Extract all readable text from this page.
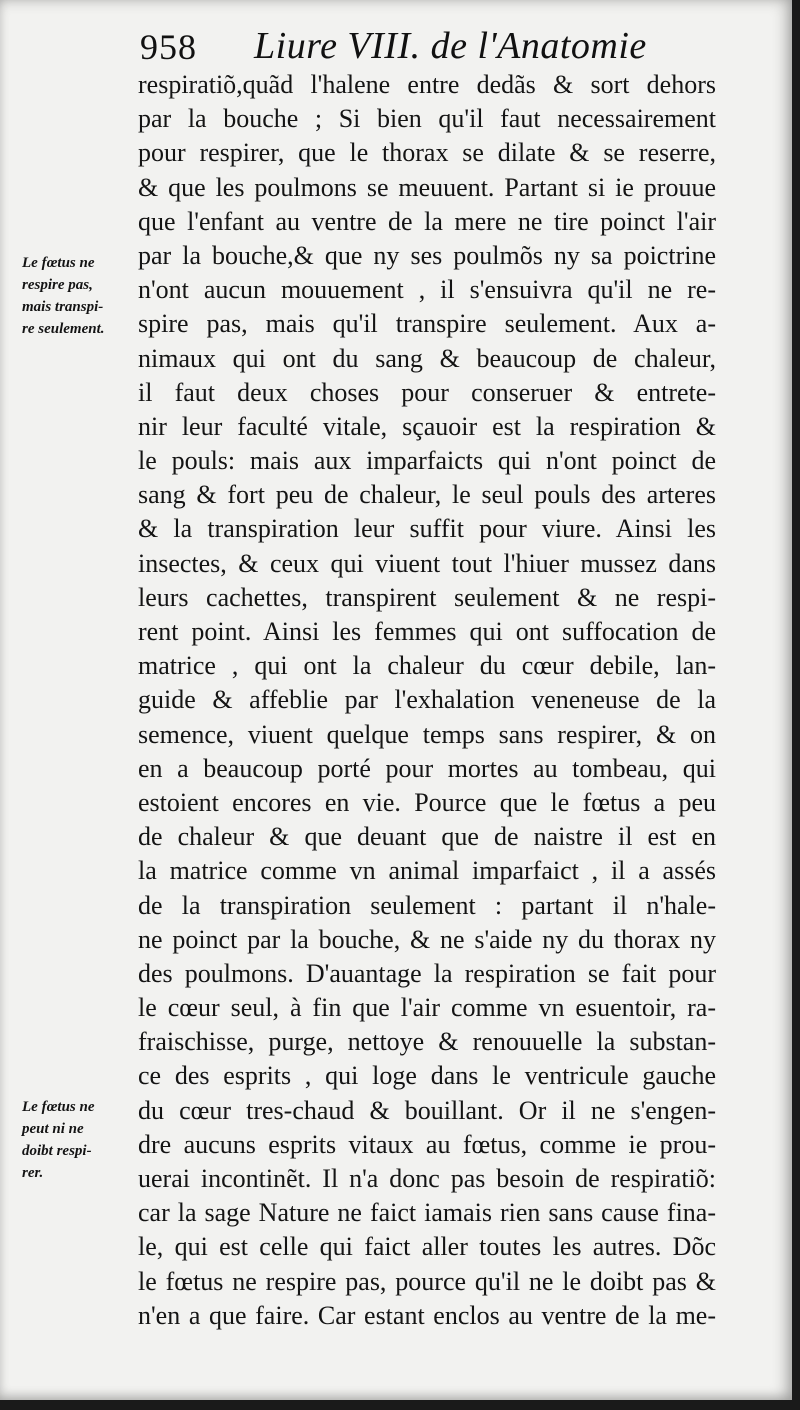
958 Liure VIII. de l'Anatomie
Le fœtus ne
respire pas,
mais transpi-
re seulement.
Le fœtus ne
peut ni ne
doibt respi-
rer.
respiratiõ,quãd l'halene entre dedãs & sort dehors
par la bouche ; Si bien qu'il faut necessairement
pour respirer, que le thorax se dilate & se reserre,
& que les poulmons se meuuent. Partant si ie prouue
que l'enfant au ventre de la mere ne tire poinct l'air
par la bouche,& que ny ses poulmõs ny sa poictrine
n'ont aucun mouuement , il s'ensuivra qu'il ne re-
spire pas, mais qu'il transpire seulement. Aux a-
nimaux qui ont du sang & beaucoup de chaleur,
il faut deux choses pour conseruer & entrete-
nir leur faculté vitale, sçauoir est la respiration &
le pouls: mais aux imparfaicts qui n'ont poinct de
sang & fort peu de chaleur, le seul pouls des arteres
& la transpiration leur suffit pour viure. Ainsi les
insectes, & ceux qui viuent tout l'hiuer mussez dans
leurs cachettes, transpirent seulement & ne respi-
rent point. Ainsi les femmes qui ont suffocation de
matrice , qui ont la chaleur du cœur debile, lan-
guide & affeblie par l'exhalation veneneuse de la
semence, viuent quelque temps sans respirer, & on
en a beaucoup porté pour mortes au tombeau, qui
estoient encores en vie. Pource que le fœtus a peu
de chaleur & que deuant que de naistre il est en
la matrice comme vn animal imparfaict , il a assés
de la transpiration seulement : partant il n'hale-
ne poinct par la bouche, & ne s'aide ny du thorax ny
des poulmons. D'auantage la respiration se fait pour
le cœur seul, à fin que l'air comme vn esuentoir, ra-
fraischisse, purge, nettoye & renouuelle la substan-
ce des esprits , qui loge dans le ventricule gauche
du cœur tres-chaud & bouillant. Or il ne s'engen-
dre aucuns esprits vitaux au fœtus, comme ie prou-
uerai incontinẽt. Il n'a donc pas besoin de respiratiõ:
car la sage Nature ne faict iamais rien sans cause fina-
le, qui est celle qui faict aller toutes les autres. Dõc
le fœtus ne respire pas, pource qu'il ne le doibt pas &
n'en a que faire. Car estant enclos au ventre de la me-
